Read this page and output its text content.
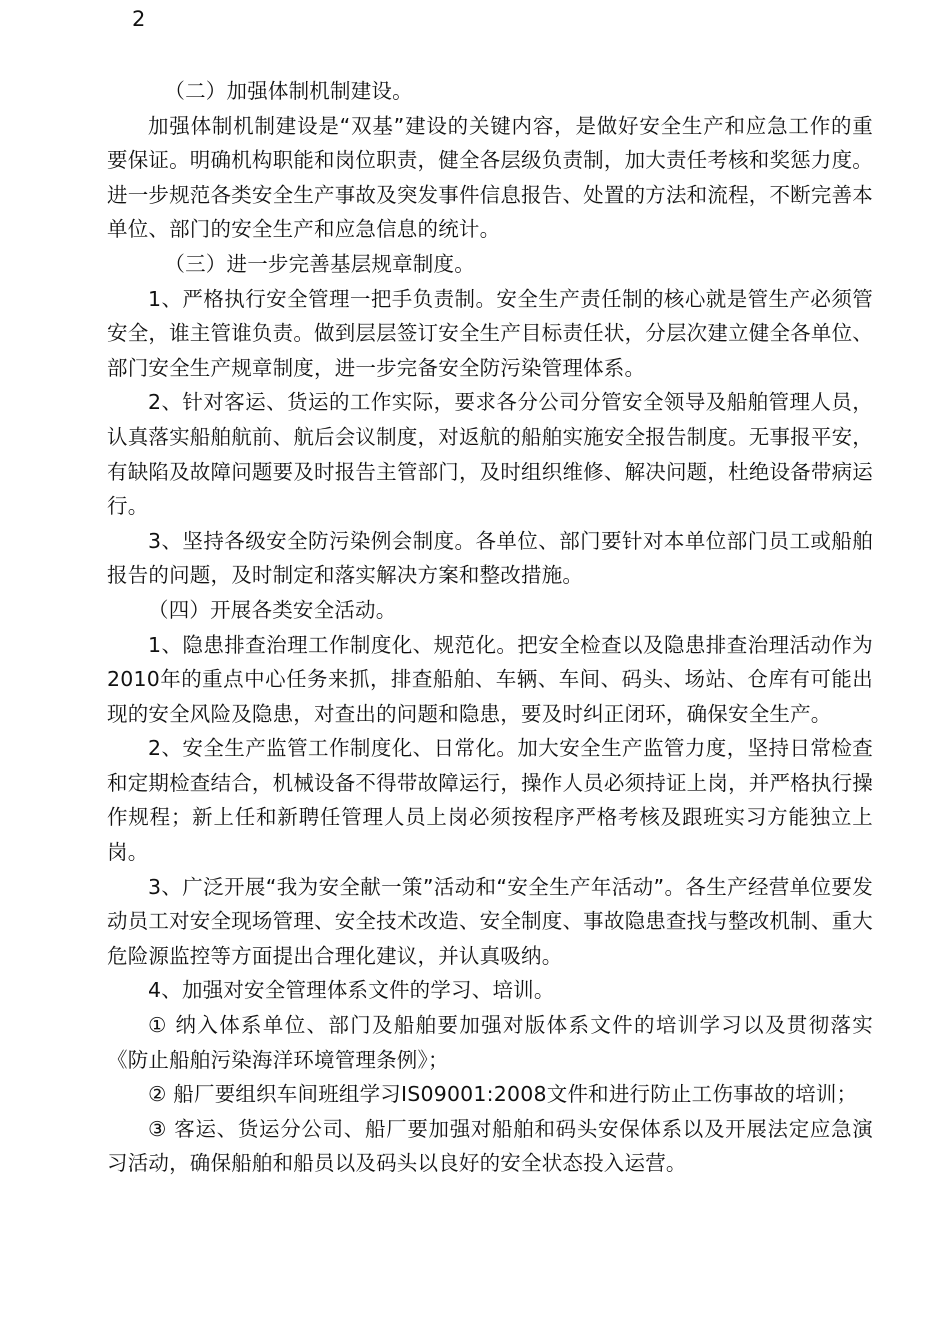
2

（二）加强体制机制建设。

加强体制机制建设是“双基”建设的关键内容，是做好安全生产和应急工作的重要保证。明确机构职能和岗位职责，健全各层级负责制，加大责任考核和奖惩力度。进一步规范各类安全生产事故及突发事件信息报告、处置的方法和流程，不断完善本单位、部门的安全生产和应急信息的统计。

（三）进一步完善基层规章制度。

1、严格执行安全管理一把手负责制。安全生产责任制的核心就是管生产必须管安全，谁主管谁负责。做到层层签订安全生产目标责任状，分层次建立健全各单位、部门安全生产规章制度，进一步完备安全防污染管理体系。

2、针对客运、货运的工作实际，要求各分公司分管安全领导及船舶管理人员，认真落实船舶航前、航后会议制度，对返航的船舶实施安全报告制度。无事报平安，有缺陷及故障问题要及时报告主管部门，及时组织维修、解决问题，杜绝设备带病运行。

3、坚持各级安全防污染例会制度。各单位、部门要针对本单位部门员工或船舶报告的问题，及时制定和落实解决方案和整改措施。

（四）开展各类安全活动。

1、隐患排查治理工作制度化、规范化。把安全检查以及隐患排查治理活动作为2010年的重点中心任务来抓，排查船舶、车辆、车间、码头、场站、仓库有可能出现的安全风险及隐患，对查出的问题和隐患，要及时纠正闭环，确保安全生产。

2、安全生产监管工作制度化、日常化。加大安全生产监管力度，坚持日常检查和定期检查结合，机械设备不得带故障运行，操作人员必须持证上岗，并严格执行操作规程；新上任和新聘任管理人员上岗必须按程序严格考核及跟班实习方能独立上岗。

3、广泛开展“我为安全献一策”活动和“安全生产年活动”。各生产经营单位要发动员工对安全现场管理、安全技术改造、安全制度、事故隐患查找与整改机制、重大危险源监控等方面提出合理化建议，并认真吸纳。

4、加强对安全管理体系文件的学习、培训。

① 纳入体系单位、部门及船舶要加强对版体系文件的培训学习以及贯彻落实《防止船舶污染海洋环境管理条例》；

② 船厂要组织车间班组学习IS09001:2008文件和进行防止工伤事故的培训；

③ 客运、货运分公司、船厂要加强对船舶和码头安保体系以及开展法定应急演习活动，确保船舶和船员以及码头以良好的安全状态投入运营。
